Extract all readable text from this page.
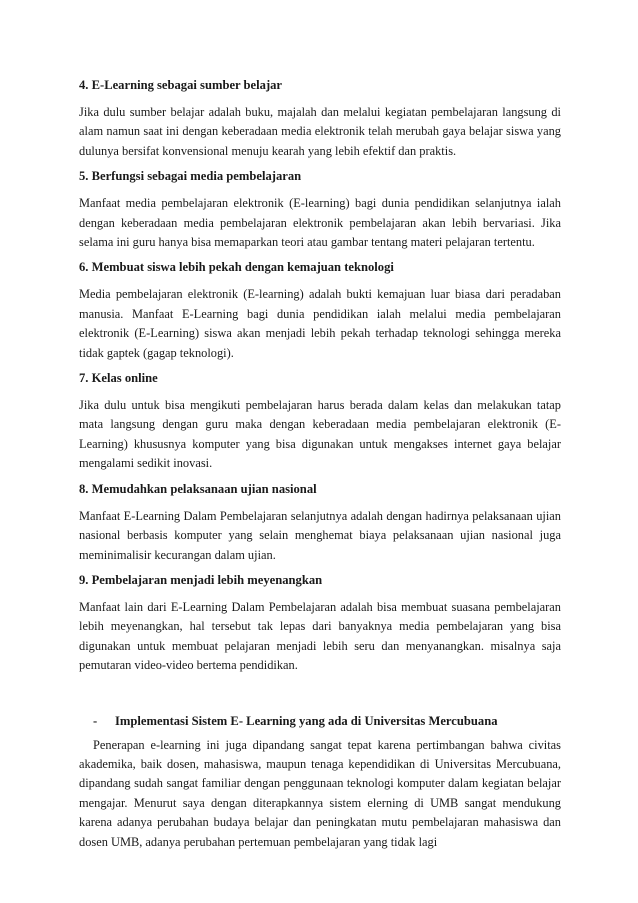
4. E-Learning sebagai sumber belajar
Jika dulu sumber belajar adalah buku, majalah dan melalui kegiatan pembelajaran langsung di alam namun saat ini dengan keberadaan media elektronik telah merubah gaya belajar siswa yang dulunya bersifat konvensional menuju kearah yang lebih efektif dan praktis.
5. Berfungsi sebagai media pembelajaran
Manfaat media pembelajaran elektronik (E-learning) bagi dunia pendidikan selanjutnya ialah dengan keberadaan media pembelajaran elektronik pembelajaran akan lebih bervariasi. Jika selama ini guru hanya bisa memaparkan teori atau gambar tentang materi pelajaran tertentu.
6. Membuat siswa lebih pekah dengan kemajuan teknologi
Media pembelajaran elektronik (E-learning) adalah bukti kemajuan luar biasa dari peradaban manusia. Manfaat E-Learning bagi dunia pendidikan ialah melalui media pembelajaran elektronik (E-Learning) siswa akan menjadi lebih pekah terhadap teknologi sehingga mereka tidak gaptek (gagap teknologi).
7. Kelas online
Jika dulu untuk bisa mengikuti pembelajaran harus berada dalam kelas dan melakukan tatap mata langsung dengan guru maka dengan keberadaan media pembelajaran elektronik (E-Learning) khususnya komputer yang bisa digunakan untuk mengakses internet gaya belajar mengalami sedikit inovasi.
8. Memudahkan pelaksanaan ujian nasional
Manfaat E-Learning Dalam Pembelajaran selanjutnya adalah dengan hadirnya pelaksanaan ujian nasional berbasis komputer yang selain menghemat biaya pelaksanaan ujian nasional juga meminimalisir kecurangan dalam ujian.
9. Pembelajaran menjadi lebih meyenangkan
Manfaat lain dari E-Learning Dalam Pembelajaran adalah bisa membuat suasana pembelajaran lebih meyenangkan, hal tersebut tak lepas dari banyaknya media pembelajaran yang bisa digunakan untuk membuat pelajaran menjadi lebih seru dan menyanangkan. misalnya saja pemutaran video-video bertema pendidikan.
-	Implementasi Sistem E- Learning yang ada di Universitas Mercubuana
Penerapan e-learning ini juga dipandang sangat tepat karena pertimbangan bahwa civitas akademika, baik dosen, mahasiswa, maupun tenaga kependidikan di Universitas Mercubuana, dipandang sudah sangat familiar dengan penggunaan teknologi komputer dalam kegiatan belajar mengajar. Menurut saya dengan diterapkannya sistem elerning di UMB sangat mendukung karena adanya perubahan budaya belajar dan peningkatan mutu pembelajaran mahasiswa dan dosen UMB, adanya perubahan pertemuan pembelajaran yang tidak lagi
